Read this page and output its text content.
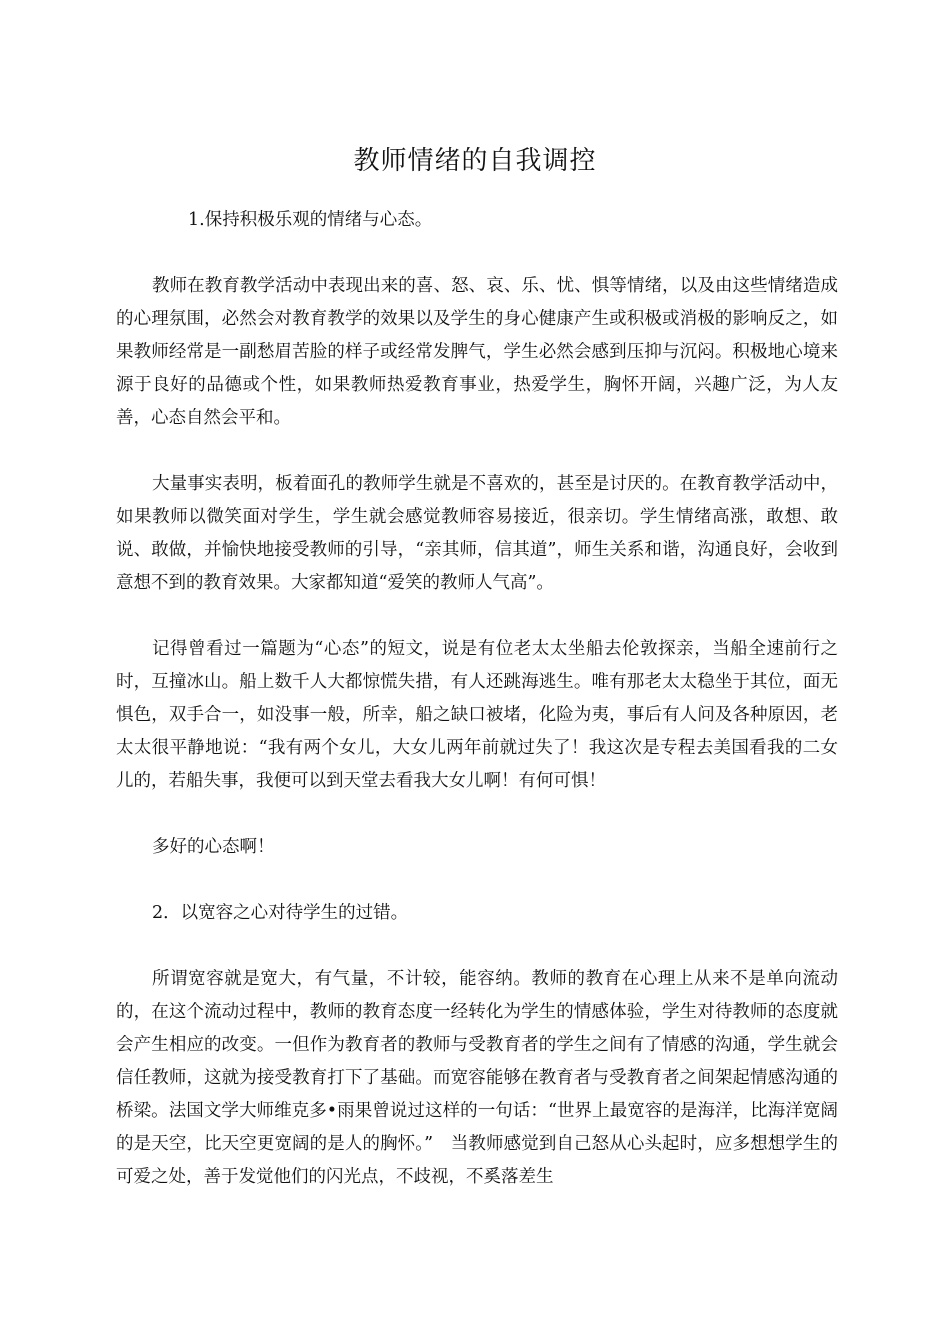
教师情绪的自我调控

1.保持积极乐观的情绪与心态。

教师在教育教学活动中表现出来的喜、怒、哀、乐、忧、惧等情绪，以及由这些情绪造成的心理氛围，必然会对教育教学的效果以及学生的身心健康产生或积极或消极的影响反之，如果教师经常是一副愁眉苦脸的样子或经常发脾气，学生必然会感到压抑与沉闷。积极地心境来源于良好的品德或个性，如果教师热爱教育事业，热爱学生，胸怀开阔，兴趣广泛，为人友善，心态自然会平和。

大量事实表明，板着面孔的教师学生就是不喜欢的，甚至是讨厌的。在教育教学活动中，如果教师以微笑面对学生，学生就会感觉教师容易接近，很亲切。学生情绪高涨，敢想、敢说、敢做，并愉快地接受教师的引导，“亲其师，信其道”，师生关系和谐，沟通良好，会收到意想不到的教育效果。大家都知道“爱笑的教师人气高”。

记得曾看过一篇题为“心态”的短文，说是有位老太太坐船去伦敦探亲，当船全速前行之时，互撞冰山。船上数千人大都惊慌失措，有人还跳海逃生。唯有那老太太稳坐于其位，面无惧色，双手合一，如没事一般，所幸，船之缺口被堵，化险为夷，事后有人问及各种原因，老太太很平静地说：“我有两个女儿，大女儿两年前就过失了！我这次是专程去美国看我的二女儿的，若船失事，我便可以到天堂去看我大女儿啊！有何可惧！

多好的心态啊！

2．以宽容之心对待学生的过错。

所谓宽容就是宽大，有气量，不计较，能容纳。教师的教育在心理上从来不是单向流动的，在这个流动过程中，教师的教育态度一经转化为学生的情感体验，学生对待教师的态度就会产生相应的改变。一但作为教育者的教师与受教育者的学生之间有了情感的沟通，学生就会信任教师，这就为接受教育打下了基础。而宽容能够在教育者与受教育者之间架起情感沟通的桥梁。法国文学大师维克多•雨果曾说过这样的一句话：“世界上最宽容的是海洋，比海洋宽阔的是天空，比天空更宽阔的是人的胸怀。”　当教师感觉到自己怒从心头起时，应多想想学生的可爱之处，善于发觉他们的闪光点，不歧视，不奚落差生
